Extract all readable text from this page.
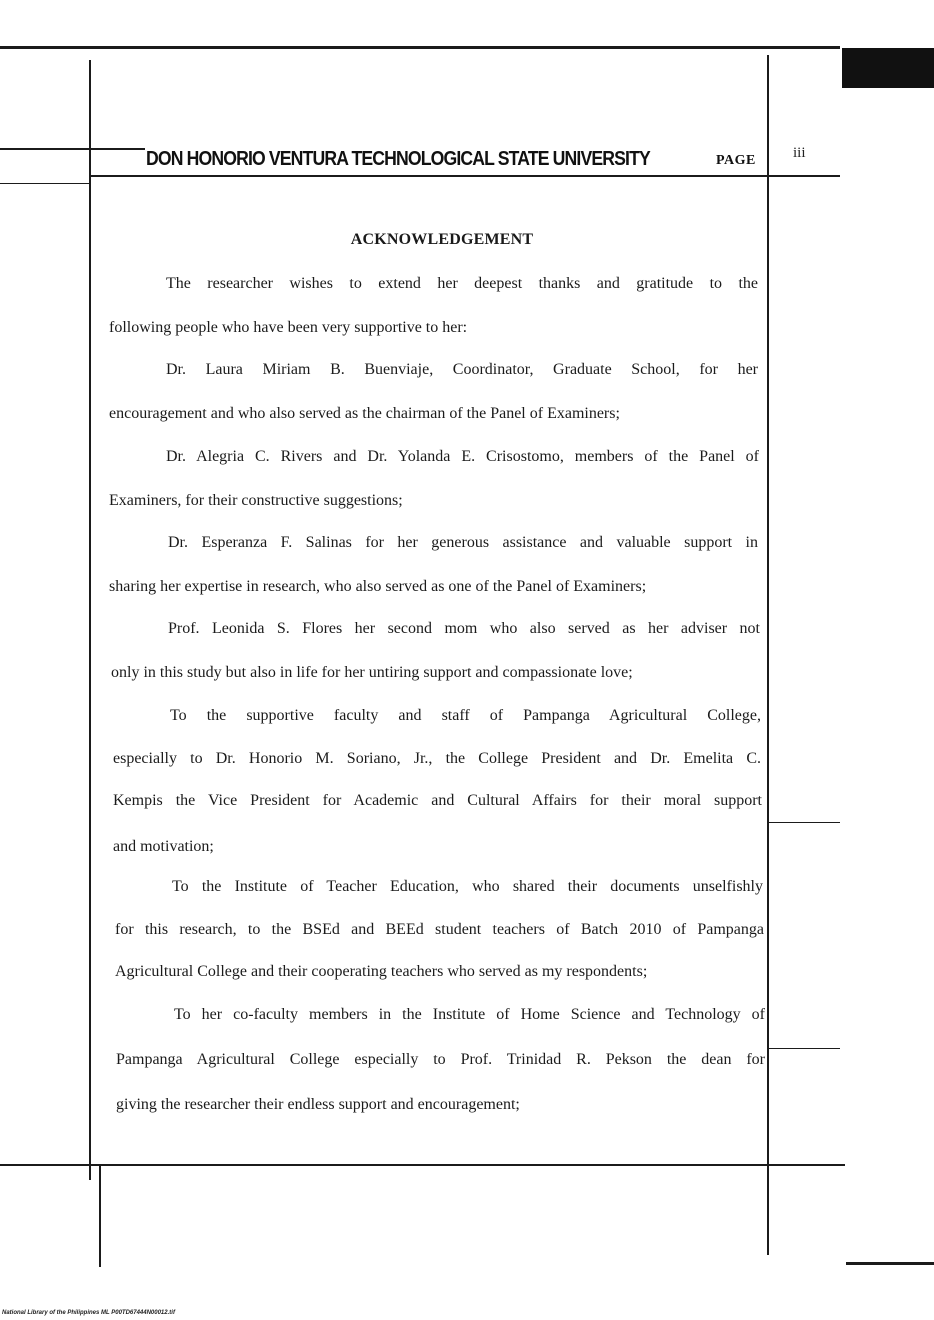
DON HONORIO VENTURA TECHNOLOGICAL STATE UNIVERSITY	PAGE iii
ACKNOWLEDGEMENT
The researcher wishes to extend her deepest thanks and gratitude to the
following people who have been very supportive to her:
Dr. Laura Miriam B. Buenviaje, Coordinator, Graduate School, for her
encouragement and who also served as the chairman of the Panel of Examiners;
Dr. Alegria C. Rivers and Dr. Yolanda E. Crisostomo, members of the Panel of
Examiners, for their constructive suggestions;
Dr. Esperanza F. Salinas for her generous assistance and valuable support in
sharing her expertise in research, who also served as one of the Panel of Examiners;
Prof. Leonida S. Flores her second mom who also served as her adviser not
only in this study but also in life for her untiring support and compassionate love;
To the supportive faculty and staff of Pampanga Agricultural College,
especially to Dr. Honorio M. Soriano, Jr., the College President and Dr. Emelita C.
Kempis the Vice President for Academic and Cultural Affairs for their moral support
and motivation;
To the Institute of Teacher Education, who shared their documents unselfishly
for this research, to the BSEd and BEEd student teachers of Batch 2010 of Pampanga
Agricultural College and their cooperating teachers who served as my respondents;
To her co-faculty members in the Institute of Home Science and Technology of
Pampanga Agricultural College especially to Prof. Trinidad R. Pekson the dean for
giving the researcher their endless support and encouragement;
National Library of the Philippines ML P00TD67444N00012.tif
